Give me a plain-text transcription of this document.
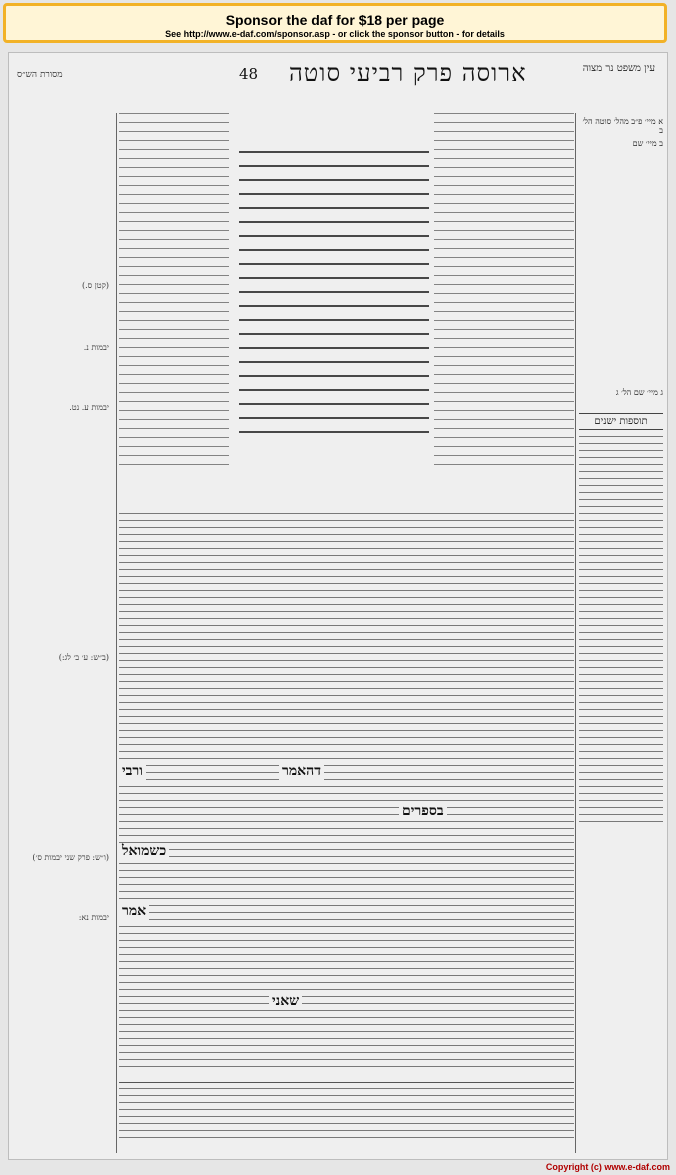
Sponsor the daf for $18 per page
See http://www.e-daf.com/sponsor.asp - or click the sponsor button - for details
48 ארוסה פרק רביעי סוטה	עין משפט נר מצוה
מסורת הש״ס
(קטן ס.)
יבמות נ.
יבמות ע. נט.
(ב״ש: ע׳ ב׳ לג:)
(ו״ש: פרק שני יבמות ס׳)
יבמות נא:
ורבי	דהאמר
בספרים
כשמואל
אמר
שאני
א מיי׳ פ״ב מהל׳ סוטה הל׳ ב
ב מיי׳ שם
ג מיי׳ שם הל׳ ג
תוספות ישנים
Copyright (c) www.e-daf.com
